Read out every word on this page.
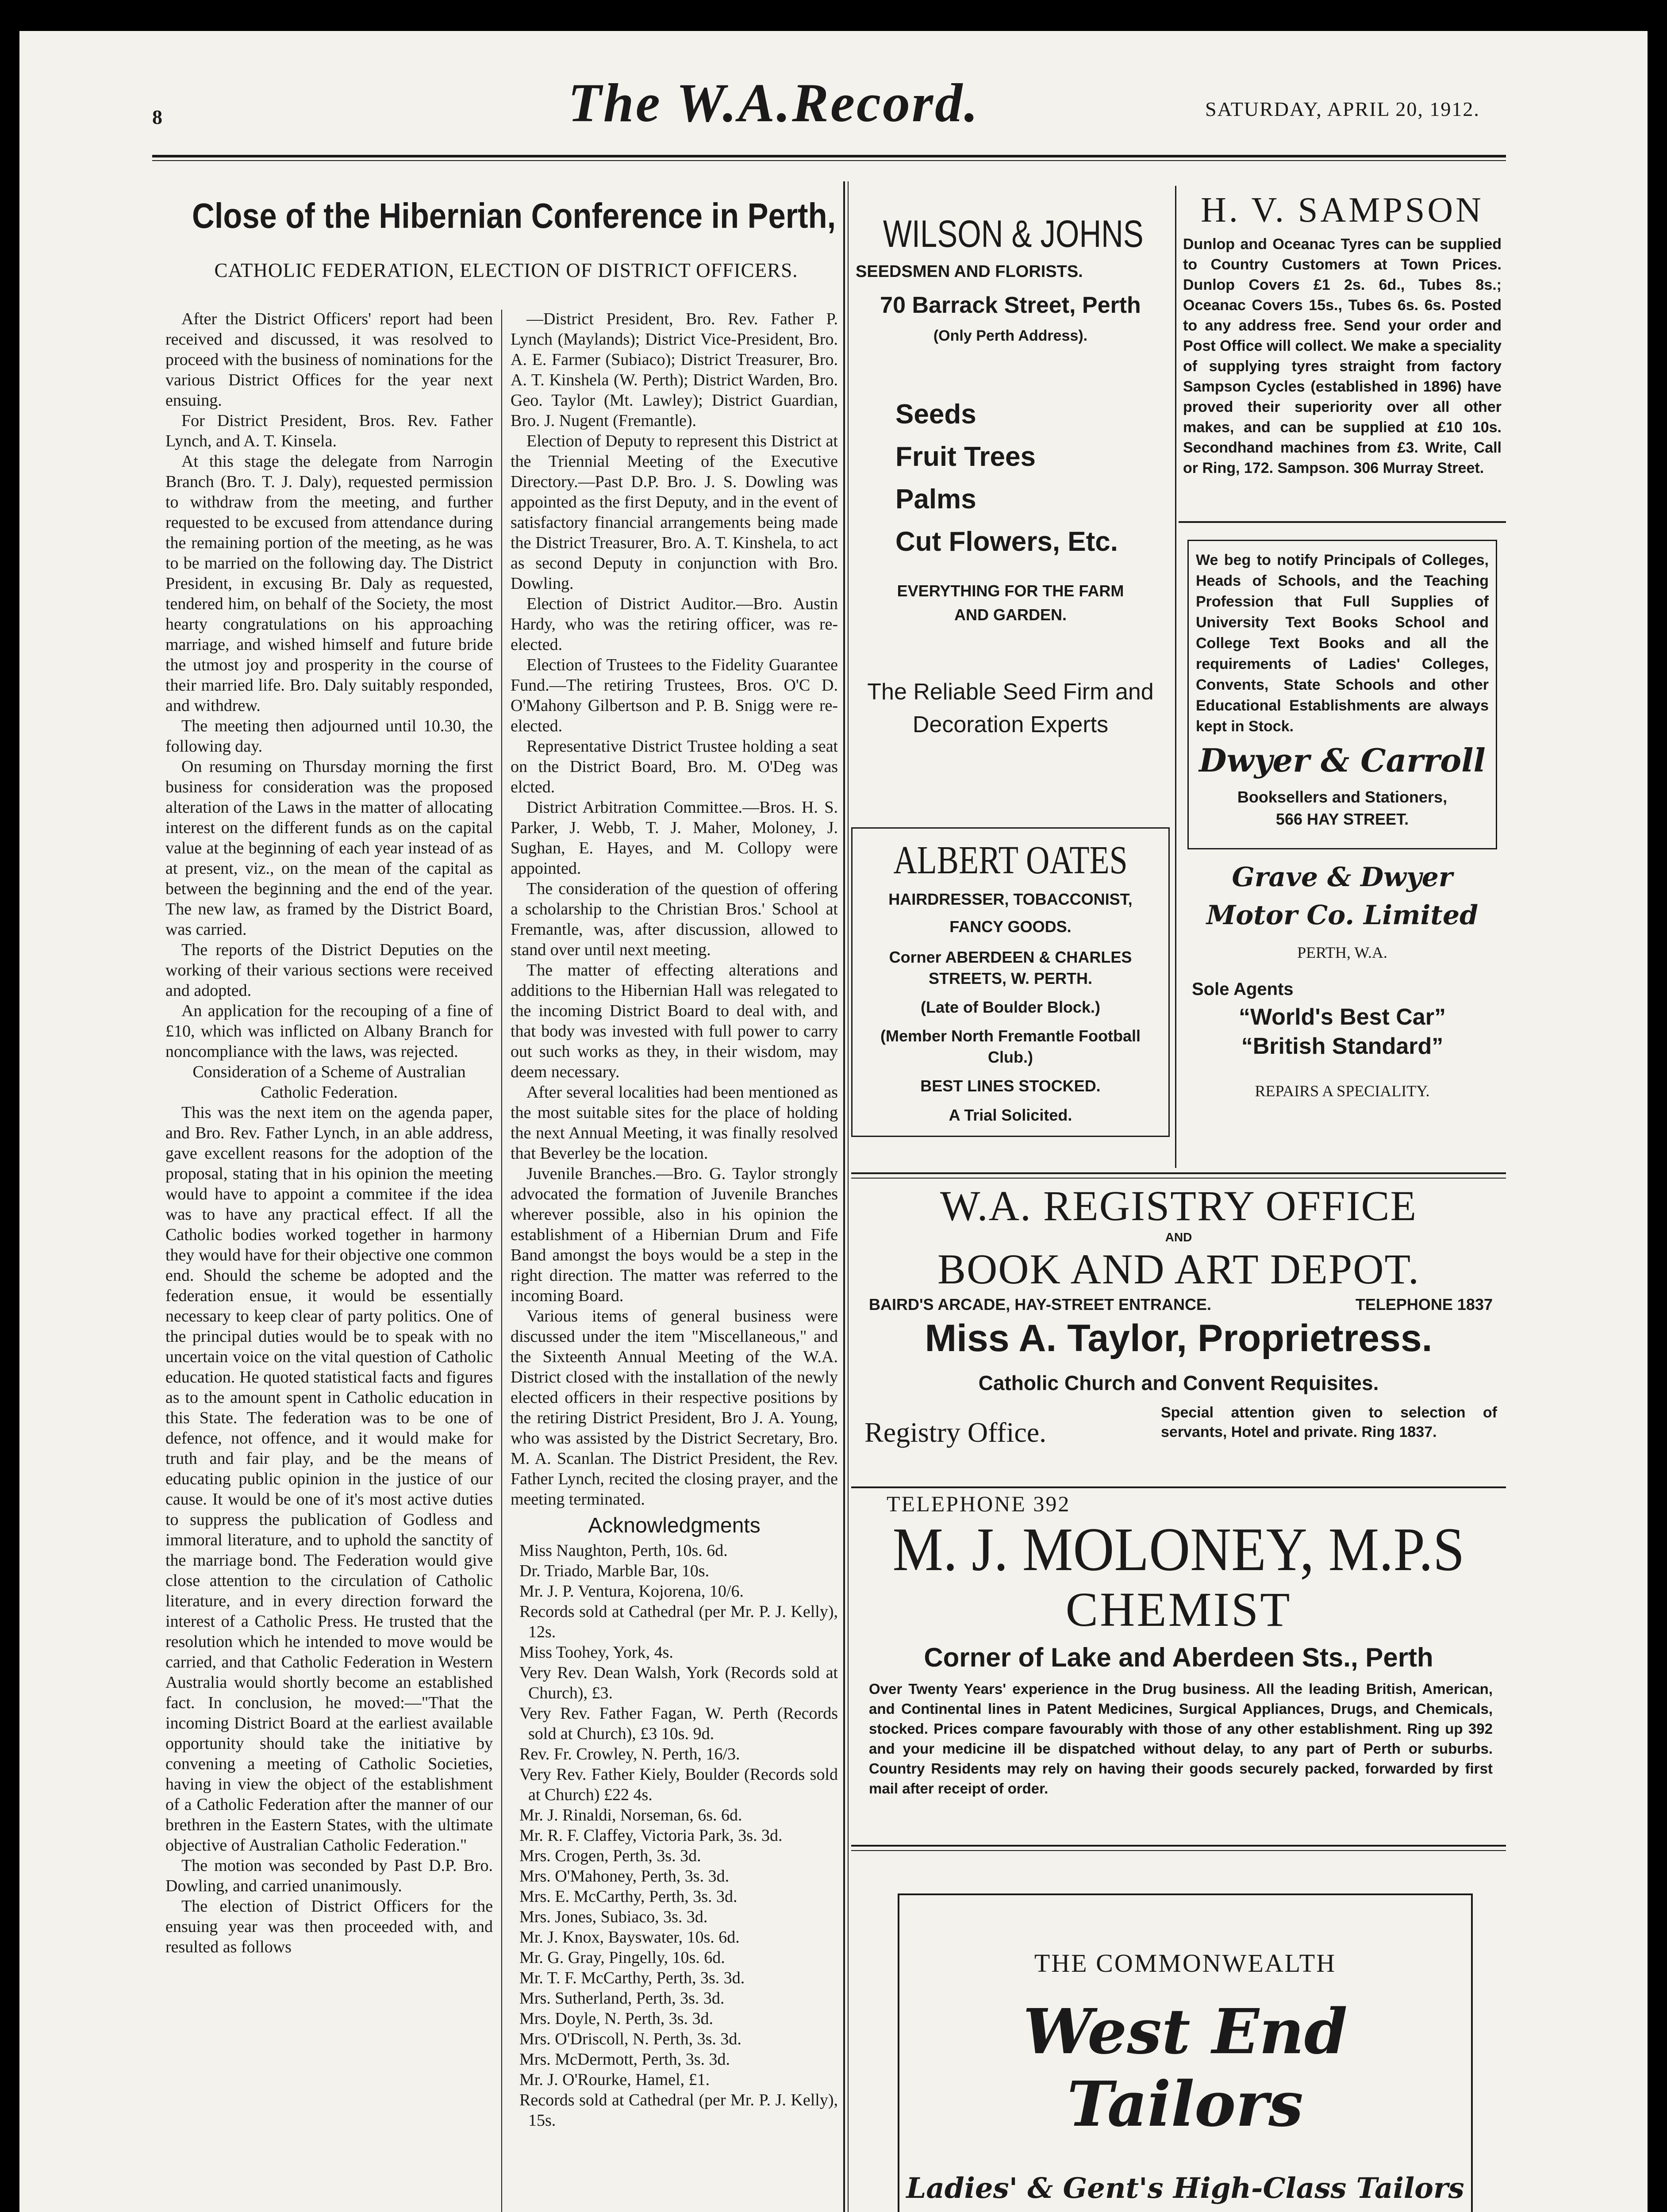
8	The W.A.Record.	SATURDAY, APRIL 20, 1912.
Close of the Hibernian Conference in Perth,
CATHOLIC FEDERATION, ELECTION OF DISTRICT OFFICERS.

After the District Officers' report had been received and discussed, it was resolved to proceed with the business of nominations for the various District Offices for the year next ensuing.

For District President, Bros. Rev. Father Lynch, and A. T. Kinsela.

At this stage the delegate from Narrogin Branch (Bro. T. J. Daly), requested permission to withdraw from the meeting, and further requested to be excused from attendance during the remaining portion of the meeting, as he was to be married on the following day. The District President, in excusing Br. Daly as requested, tendered him, on behalf of the Society, the most hearty congratulations on his approaching marriage, and wished himself and future bride the utmost joy and prosperity in the course of their married life. Bro. Daly suitably responded, and withdrew.

The meeting then adjourned until 10.30, the following day.

On resuming on Thursday morning the first business for consideration was the proposed alteration of the Laws in the matter of allocating interest on the different funds as on the capital value at the beginning of each year instead of as at present, viz., on the mean of the capital as between the beginning and the end of the year. The new law, as framed by the District Board, was carried.

The reports of the District Deputies on the working of their various sections were received and adopted.

An application for the recouping of a fine of £10, which was inflicted on Albany Branch for noncompliance with the laws, was rejected.

Consideration of a Scheme of Australian Catholic Federation.

This was the next item on the agenda paper, and Bro. Rev. Father Lynch, in an able address, gave excellent reasons for the adoption of the proposal, stating that in his opinion the meeting would have to appoint a commitee if the idea was to have any practical effect. If all the Catholic bodies worked together in harmony they would have for their objective one common end. Should the scheme be adopted and the federation ensue, it would be essentially necessary to keep clear of party politics. One of the principal duties would be to speak with no uncertain voice on the vital question of Catholic education. He quoted statistical facts and figures as to the amount spent in Catholic education in this State. The federation was to be one of defence, not offence, and it would make for truth and fair play, and be the means of educating public opinion in the justice of our cause. It would be one of it's most active duties to suppress the publication of Godless and immoral literature, and to uphold the sanctity of the marriage bond. The Federation would give close attention to the circulation of Catholic literature, and in every direction forward the interest of a Catholic Press. He trusted that the resolution which he intended to move would be carried, and that Catholic Federation in Western Australia would shortly become an established fact. In conclusion, he moved:—"That the incoming District Board at the earliest available opportunity should take the initiative by convening a meeting of Catholic Societies, having in view the object of the establishment of a Catholic Federation after the manner of our brethren in the Eastern States, with the ultimate objective of Australian Catholic Federation."

The motion was seconded by Past D.P. Bro. Dowling, and carried unanimously.

The election of District Officers for the ensuing year was then proceeded with, and resulted as follows

—District President, Bro. Rev. Father P. Lynch (Maylands); District Vice-President, Bro. A. E. Farmer (Subiaco); District Treasurer, Bro. A. T. Kinshela (W. Perth); District Warden, Bro. Geo. Taylor (Mt. Lawley); District Guardian, Bro. J. Nugent (Fremantle).

Election of Deputy to represent this District at the Triennial Meeting of the Executive Directory.—Past D.P. Bro. J. S. Dowling was appointed as the first Deputy, and in the event of satisfactory financial arrangements being made the District Treasurer, Bro. A. T. Kinshela, to act as second Deputy in conjunction with Bro. Dowling.

Election of District Auditor.—Bro. Austin Hardy, who was the retiring officer, was re-elected.

Election of Trustees to the Fidelity Guarantee Fund.—The retiring Trustees, Bros. O'C D. O'Mahony Gilbertson and P. B. Snigg were re-elected.

Representative District Trustee holding a seat on the District Board, Bro. M. O'Deg was elcted.

District Arbitration Committee.—Bros. H. S. Parker, J. Webb, T. J. Maher, Moloney, J. Sughan, E. Hayes, and M. Collopy were appointed.

The consideration of the question of offering a scholarship to the Christian Bros.' School at Fremantle, was, after discussion, allowed to stand over until next meeting.

The matter of effecting alterations and additions to the Hibernian Hall was relegated to the incoming District Board to deal with, and that body was invested with full power to carry out such works as they, in their wisdom, may deem necessary.

After several localities had been mentioned as the most suitable sites for the place of holding the next Annual Meeting, it was finally resolved that Beverley be the location.

Juvenile Branches.—Bro. G. Taylor strongly advocated the formation of Juvenile Branches wherever possible, also in his opinion the establishment of a Hibernian Drum and Fife Band amongst the boys would be a step in the right direction. The matter was referred to the incoming Board.

Various items of general business were discussed under the item "Miscellaneous," and the Sixteenth Annual Meeting of the W.A. District closed with the installation of the newly elected officers in their respective positions by the retiring District President, Bro J. A. Young, who was assisted by the District Secretary, Bro. M. A. Scanlan. The District President, the Rev. Father Lynch, recited the closing prayer, and the meeting terminated.

Acknowledgments

Miss Naughton, Perth, 10s. 6d.

Dr. Triado, Marble Bar, 10s.

Mr. J. P. Ventura, Kojorena, 10/6.

Records sold at Cathedral (per Mr. P. J. Kelly), 12s.

Miss Toohey, York, 4s.

Very Rev. Dean Walsh, York (Records sold at Church), £3.

Very Rev. Father Fagan, W. Perth (Records sold at Church), £3 10s. 9d.

Rev. Fr. Crowley, N. Perth, 16/3.

Very Rev. Father Kiely, Boulder (Records sold at Church) £22 4s.

Mr. J. Rinaldi, Norseman, 6s. 6d.

Mr. R. F. Claffey, Victoria Park, 3s. 3d.

Mrs. Crogen, Perth, 3s. 3d.

Mrs. O'Mahoney, Perth, 3s. 3d.

Mrs. E. McCarthy, Perth, 3s. 3d.

Mrs. Jones, Subiaco, 3s. 3d.

Mr. J. Knox, Bayswater, 10s. 6d.

Mr. G. Gray, Pingelly, 10s. 6d.

Mr. T. F. McCarthy, Perth, 3s. 3d.

Mrs. Sutherland, Perth, 3s. 3d.

Mrs. Doyle, N. Perth, 3s. 3d.

Mrs. O'Driscoll, N. Perth, 3s. 3d.

Mrs. McDermott, Perth, 3s. 3d.

Mr. J. O'Rourke, Hamel, £1.

Records sold at Cathedral (per Mr. P. J. Kelly), 15s.

WILSON & JOHNS
SEEDSMEN AND FLORISTS.
70 Barrack Street, Perth
(Only Perth Address).
Seeds
Fruit Trees
Palms
Cut Flowers, Etc.
EVERYTHING FOR THE FARM AND GARDEN.
The Reliable Seed Firm and Decoration Experts
H. V. SAMPSON
Dunlop and Oceanac Tyres can be supplied to Country Customers at Town Prices. Dunlop Covers £1 2s. 6d., Tubes 8s.; Oceanac Covers 15s., Tubes 6s. 6s. Posted to any address free. Send your order and Post Office will collect. We make a speciality of supplying tyres straight from factory Sampson Cycles (established in 1896) have proved their superiority over all other makes, and can be supplied at £10 10s. Secondhand machines from £3. Write, Call or Ring, 172. Sampson. 306 Murray Street.
We beg to notify Principals of Colleges, Heads of Schools, and the Teaching Profession that Full Supplies of University Text Books School and College Text Books and all the requirements of Ladies' Colleges, Convents, State Schools and other Educational Establishments are always kept in Stock.
Dwyer & Carroll
Booksellers and Stationers,
566 HAY STREET.
ALBERT OATES
HAIRDRESSER, TOBACCONIST,
FANCY GOODS.
Corner ABERDEEN & CHARLES STREETS, W. PERTH.
(Late of Boulder Block.)
(Member North Fremantle Football Club.)
BEST LINES STOCKED.
A Trial Solicited.
Grave & Dwyer Motor Co. Limited
PERTH, W.A.
Sole Agents
“World's Best Car”
“British Standard”
REPAIRS A SPECIALITY.
W.A. REGISTRY OFFICE
AND
BOOK AND ART DEPOT.
BAIRD'S ARCADE, HAY-STREET ENTRANCE.	TELEPHONE 1837
Miss A. Taylor, Proprietress.
Catholic Church and Convent Requisites.
Registry Office.
Special attention given to selection of servants, Hotel and private. Ring 1837.
TELEPHONE 392
M. J. MOLONEY, M.P.S
CHEMIST
Corner of Lake and Aberdeen Sts., Perth
Over Twenty Years' experience in the Drug business. All the leading British, American, and Continental lines in Patent Medicines, Surgical Appliances, Drugs, and Chemicals, stocked. Prices compare favourably with those of any other establishment. Ring up 392 and your medicine ill be dispatched without delay, to any part of Perth or suburbs. Country Residents may rely on having their goods securely packed, forwarded by first mail after receipt of order.
THE COMMONWEALTH
West End Tailors
Ladies' & Gent's High-Class Tailors
